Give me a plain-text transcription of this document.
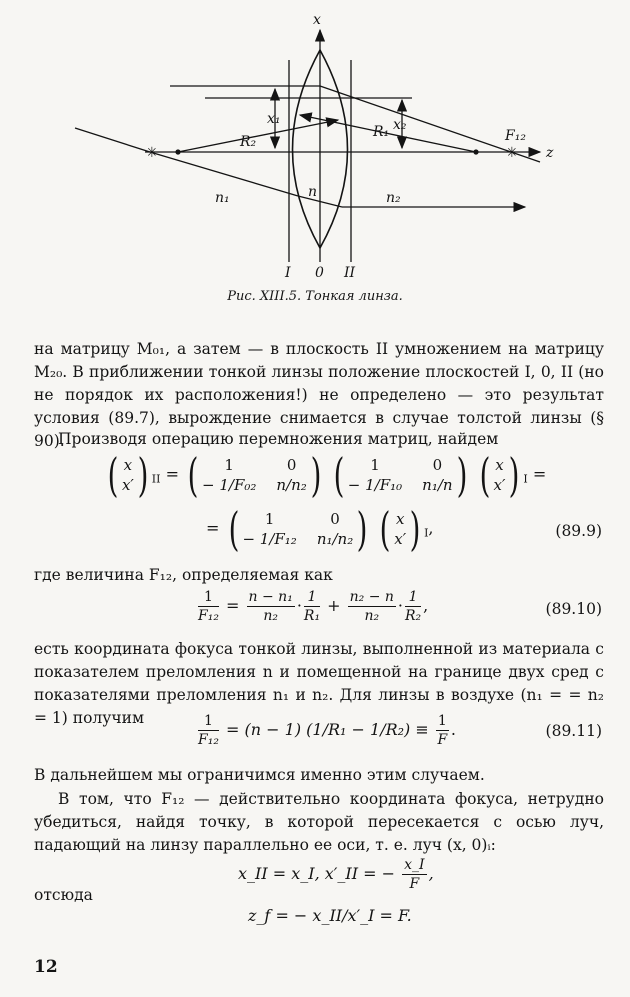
✳	✳
x
z
x₁	x₂
R₁
R₂	F₁₂
n
n₁	n₂
I 0 II
Рис. XIII.5. Тонкая линза.
на матрицу M₀₁, а затем — в плоскость II умножением на матрицу M₂₀. В приближении тонкой линзы положение плоскостей I, 0, II (но не порядок их расположения!) не определено — это результат условия (89.7), вырождение снимается в случае толстой линзы (§ 90).
Производя операцию перемножения матриц, найдем
( x
x′ ) $_{II}$ = (	1	0
− 1/F₀₂ n/n₂ )
(	1	0
− 1/F₁₀ n₁/n )
( x
x′ ) $_I$ =
= (	1	0
− 1/F₁₂ n₁/n₂ )
( x
x′ ) $_I$,	(89.9)
где величина F₁₂, определяемая как
$\frac{1}{\text{F₁₂}} = \frac{\text{n − n₁}}{\text{n₂}} \cdot \frac{1}{\text{R₁}} + \frac{\text{n₂ − n}}{\text{n₂}} \cdot \frac{1}{\text{R₂}}$ ,	(89.10)
есть координата фокуса тонкой линзы, выполненной из материала с показателем преломления n и помещенной на границе двух сред с показателями преломления n₁ и n₂. Для линзы в воздухе (n₁ = = n₂ = 1) получим	$\frac{1}{\text{F₁₂}} = (n - 1) (1/R_1 - 1/R_2) \equiv \frac{1}{F}$ .	(89.11)
В дальнейшем мы ограничимся именно этим случаем.
В том, что F₁₂ — действительно координата фокуса, нетрудно убедиться, найдя точку, в которой пересекается с осью луч, падающий на линзу параллельно ее оси, т. е. луч (x, 0)ᵢ:
x_II = x_I, x′_II = − $\frac{x\_I}{F}$ ,
отсюда
z_f = − x_II/x′_I = F.
12
